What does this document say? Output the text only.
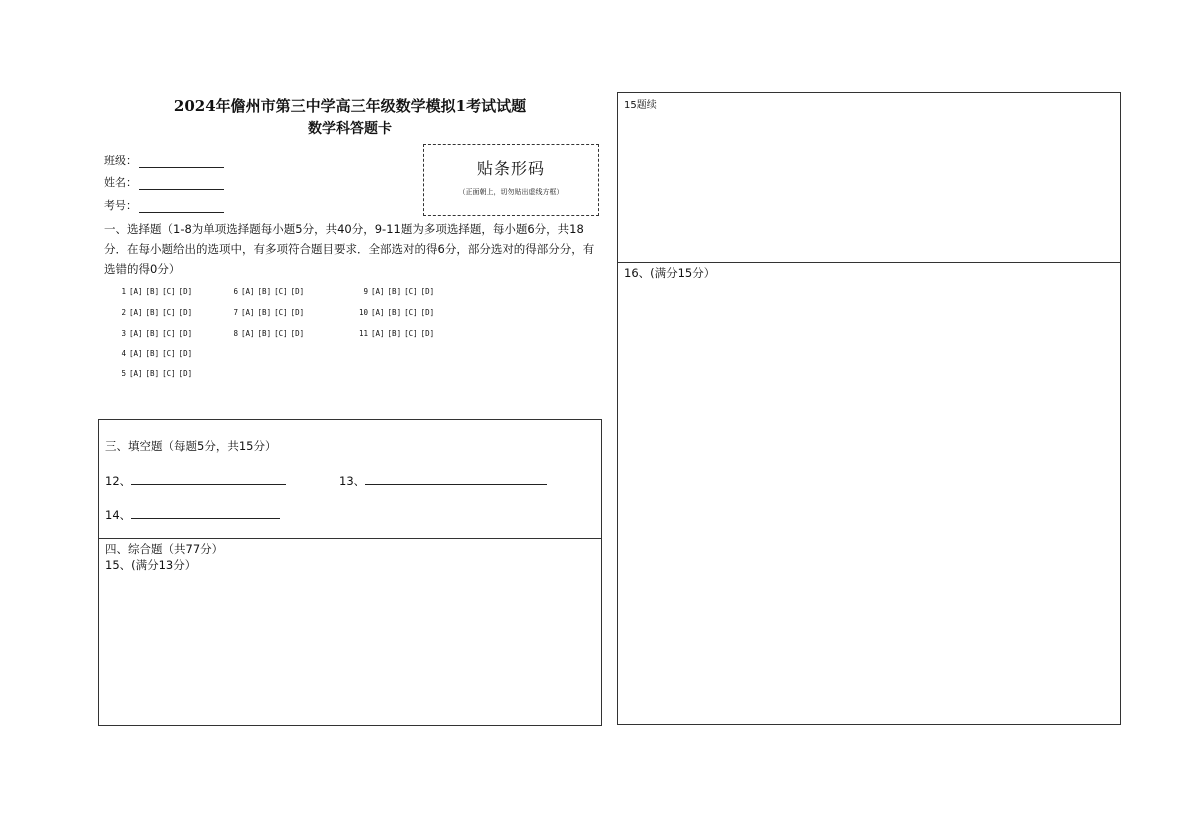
2024年儋州市第三中学高三年级数学模拟1考试试题
数学科答题卡
班级：
姓名：
考号：
贴条形码
（正面朝上，切勿贴出虚线方框）
一、选择题（1-8为单项选择题每小题5分，共40分，9-11题为多项选择题，每小题6分，共18分．在每小题给出的选项中，有多项符合题目要求．全部选对的得6分，部分选对的得部分分，有选错的得0分）
1 [A] [B] [C] [D]
2 [A] [B] [C] [D]
3 [A] [B] [C] [D]
4 [A] [B] [C] [D]
5 [A] [B] [C] [D]
6 [A] [B] [C] [D]
7 [A] [B] [C] [D]
8 [A] [B] [C] [D]
9 [A] [B] [C] [D]
10 [A] [B] [C] [D]
11 [A] [B] [C] [D]
三、填空题（每题5分，共15分）
12、	13、
14、
四、综合题（共77分）
15、(满分13分）
15题续
16、(满分15分）
